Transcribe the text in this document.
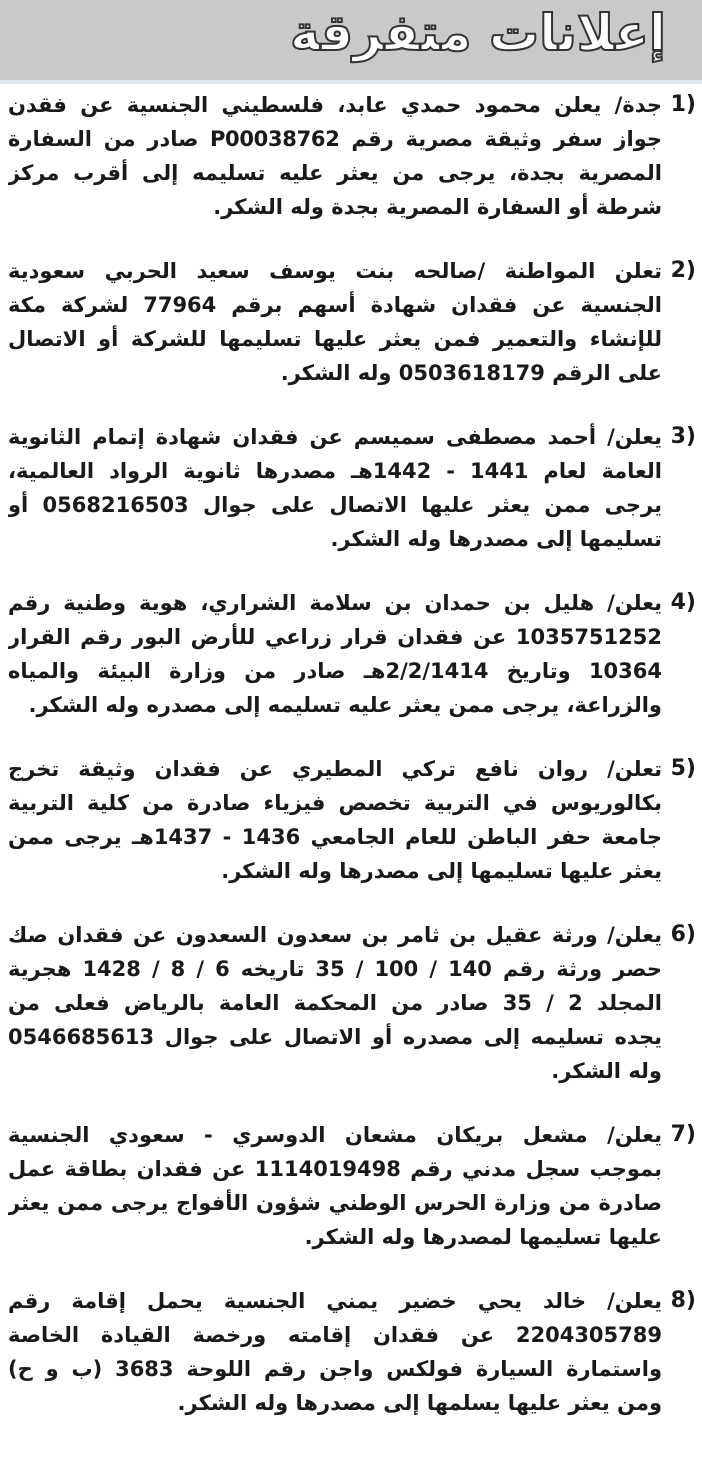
إعلانات متفرقة
1)
جدة/ يعلن محمود حمدي عابد، فلسطيني الجنسية عن فقدن
جواز سفر وثيقة مصرية رقم P00038762 صادر من السفارة
المصرية بجدة، يرجى من يعثر عليه تسليمه إلى أقرب مركز
شرطة أو السفارة المصرية بجدة وله الشكر.
2)
تعلن المواطنة /صالحه بنت يوسف سعيد الحربي سعودية
الجنسية عن فقدان شهادة أسهم برقم 77964 لشركة مكة
للإنشاء والتعمير فمن يعثر عليها تسليمها للشركة أو الاتصال
على الرقم 0503618179 وله الشكر.
3)
يعلن/ أحمد مصطفى سميسم عن فقدان شهادة إتمام الثانوية
العامة لعام 1441 - 1442هـ مصدرها ثانوية الرواد العالمية،
يرجى ممن يعثر عليها الاتصال على جوال 0568216503 أو
تسليمها إلى مصدرها وله الشكر.
4)
يعلن/ هليل بن حمدان بن سلامة الشراري، هوية وطنية رقم
1035751252 عن فقدان قرار زراعي للأرض البور رقم القرار
10364 وتاريخ 2/2/1414هـ صادر من وزارة البيئة والمياه
والزراعة، يرجى ممن يعثر عليه تسليمه إلى مصدره وله الشكر.
5)
تعلن/ روان نافع تركي المطيري عن فقدان وثيقة تخرج
بكالوريوس في التربية تخصص فيزياء صادرة من كلية التربية
جامعة حفر الباطن للعام الجامعي 1436 - 1437هـ يرجى ممن
يعثر عليها تسليمها إلى مصدرها وله الشكر.
6)
يعلن/ ورثة عقيل بن ثامر بن سعدون السعدون عن فقدان صك
حصر ورثة رقم 140 / 100 / 35 تاريخه 6 / 8 / 1428 هجرية
المجلد 2 / 35 صادر من المحكمة العامة بالرياض فعلى من
يجده تسليمه إلى مصدره أو الاتصال على جوال 0546685613
وله الشكر.
7)
يعلن/ مشعل بريكان مشعان الدوسري - سعودي الجنسية
بموجب سجل مدني رقم 1114019498 عن فقدان بطاقة عمل
صادرة من وزارة الحرس الوطني شؤون الأفواج يرجى ممن يعثر
عليها تسليمها لمصدرها وله الشكر.
8)
يعلن/ خالد يحي خضير يمني الجنسية يحمل إقامة رقم
2204305789 عن فقدان إقامته ورخصة القيادة الخاصة
واستمارة السيارة فولكس واجن رقم اللوحة 3683 (ب و ح)
ومن يعثر عليها يسلمها إلى مصدرها وله الشكر.
